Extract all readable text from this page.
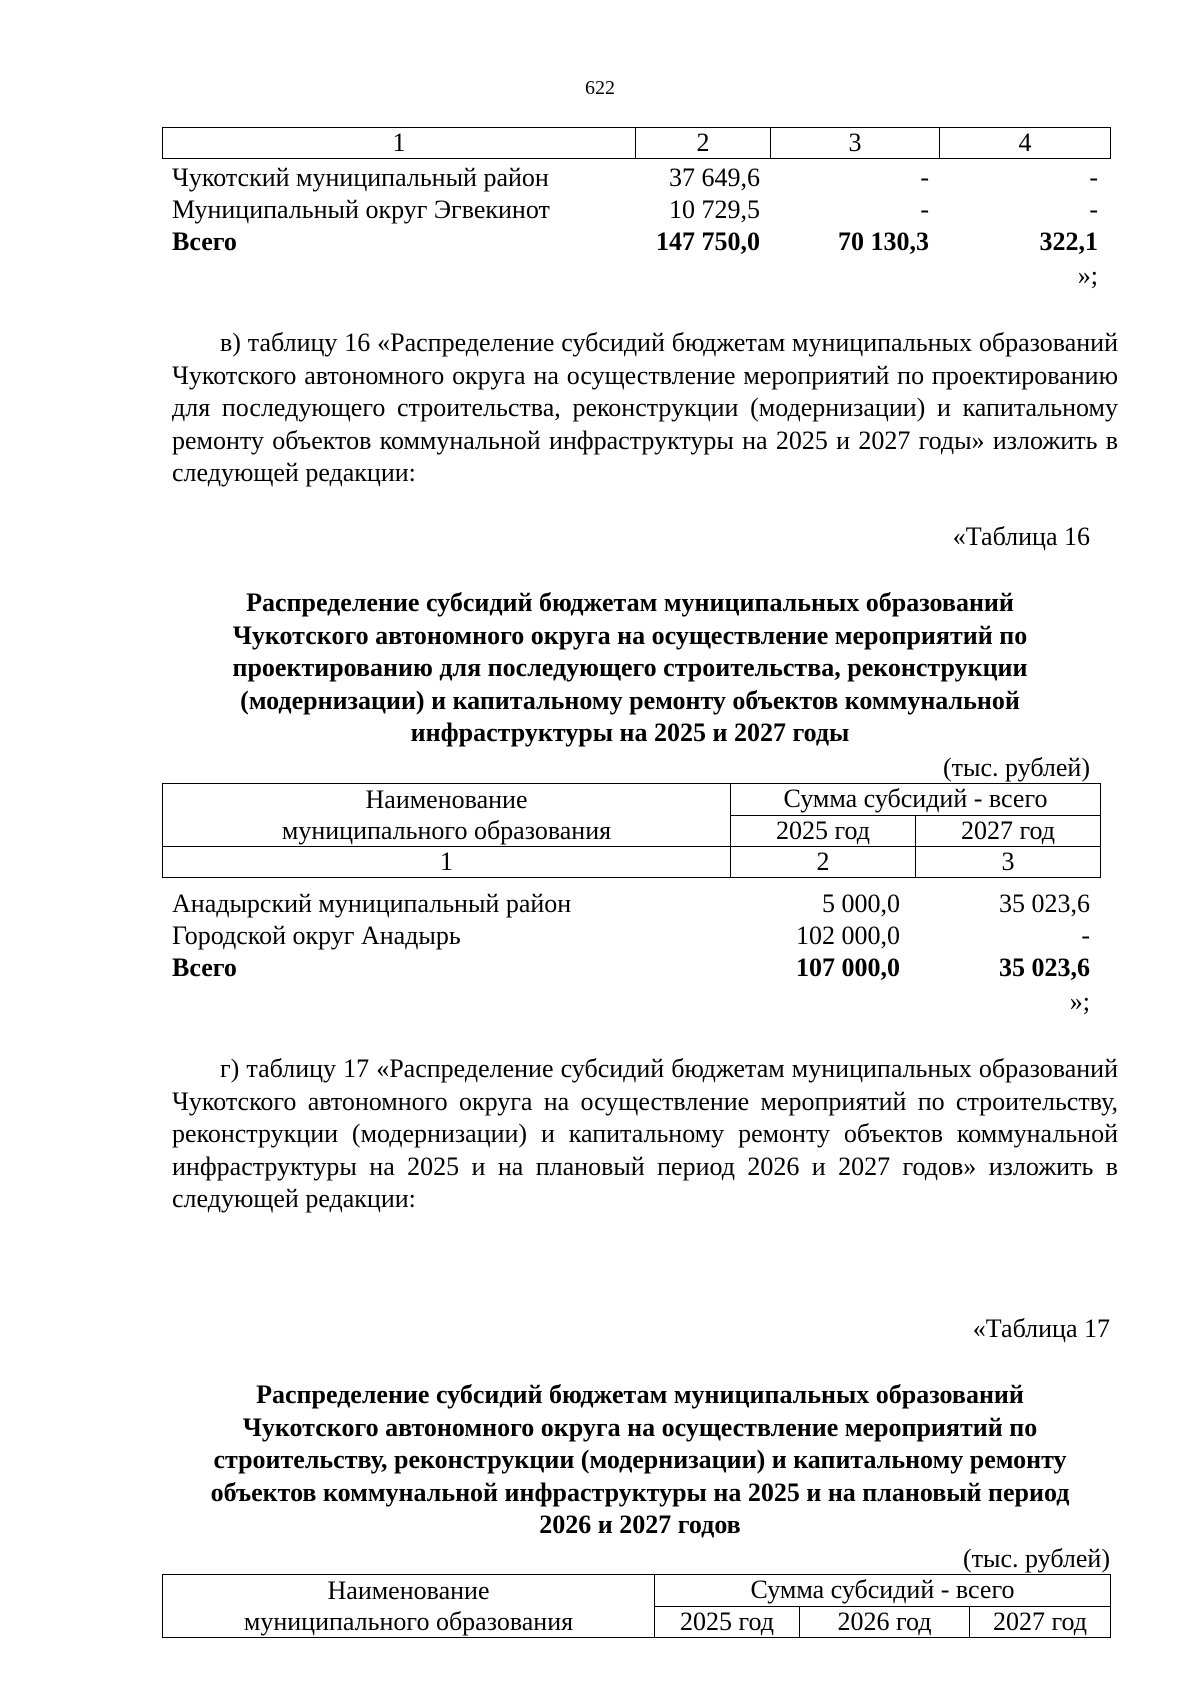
622
1	2	3	4
Чукотский муниципальный район	37 649,6	-	-
Муниципальный округ Эгвекинот	10 729,5	-	-
Всего	147 750,0	70 130,3	322,1
»;
в) таблицу 16 «Распределение субсидий бюджетам муниципальных образований Чукотского автономного округа на осуществление мероприятий по проектированию для последующего строительства, реконструкции (модернизации) и капитальному ремонту объектов коммунальной инфраструктуры на 2025 и 2027 годы» изложить в следующей редакции:
«Таблица 16
Распределение субсидий бюджетам муниципальных образований Чукотского автономного округа на осуществление мероприятий по проектированию для последующего строительства, реконструкции (модернизации) и капитальному ремонту объектов коммунальной инфраструктуры на 2025 и 2027 годы
(тыс. рублей)
Наименование
муниципального образования	Сумма субсидий - всего	
	2025 год	2027 год
1	2	3
Анадырский муниципальный район	5 000,0	35 023,6
Городской округ Анадырь	102 000,0	-
Всего	107 000,0	35 023,6
»;
г) таблицу 17 «Распределение субсидий бюджетам муниципальных образований Чукотского автономного округа на осуществление мероприятий по строительству, реконструкции (модернизации) и капитальному ремонту объектов коммунальной инфраструктуры на 2025 и на плановый период 2026 и 2027 годов» изложить в следующей редакции:
«Таблица 17
Распределение субсидий бюджетам муниципальных образований Чукотского автономного округа на осуществление мероприятий по строительству, реконструкции (модернизации) и капитальному ремонту объектов коммунальной инфраструктуры на 2025 и на плановый период 2026 и 2027 годов
(тыс. рублей)
Наименование
муниципального образования	Сумма субсидий - всего		
	2025 год	2026 год	2027 год
